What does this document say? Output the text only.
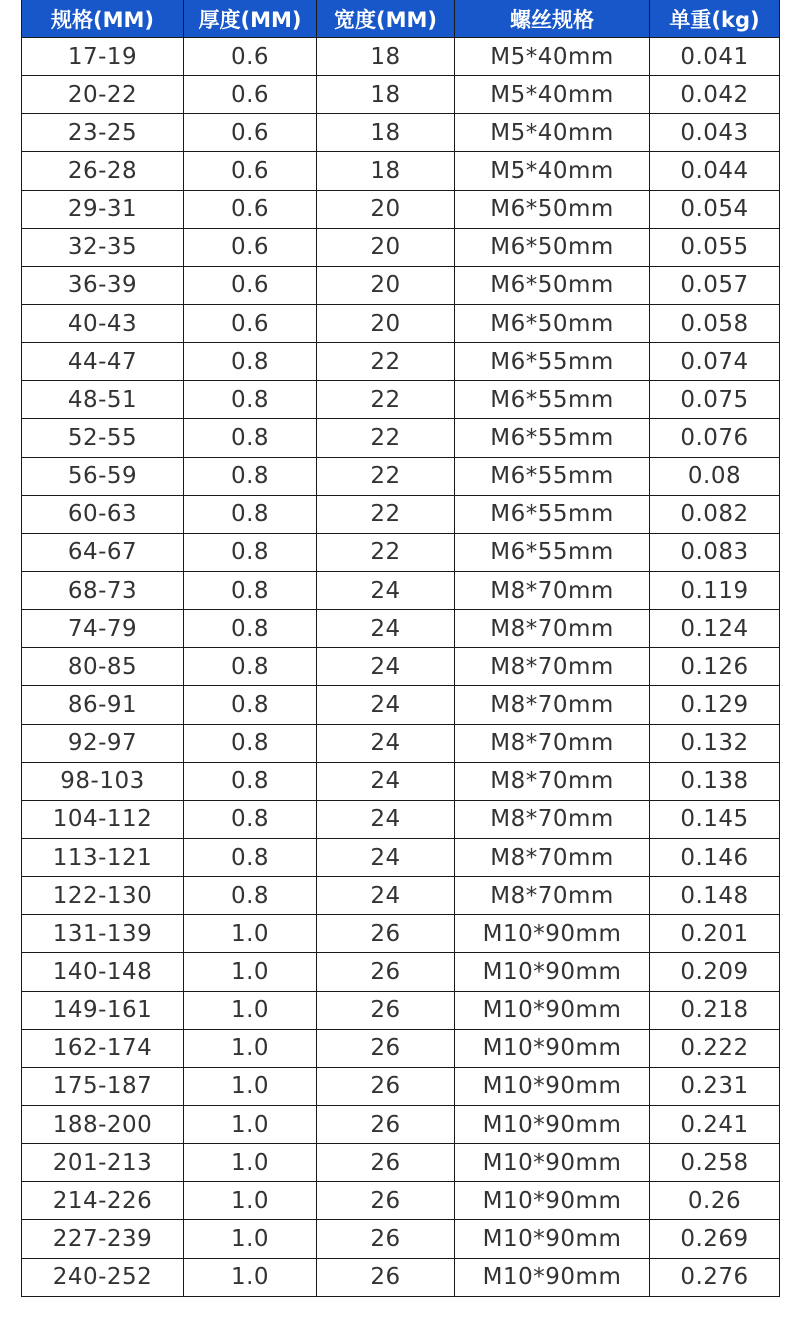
规格(MM)	厚度(MM)	宽度(MM)	螺丝规格	单重(kg)
17-19	0.6	18	M5*40mm	0.041
20-22	0.6	18	M5*40mm	0.042
23-25	0.6	18	M5*40mm	0.043
26-28	0.6	18	M5*40mm	0.044
29-31	0.6	20	M6*50mm	0.054
32-35	0.6	20	M6*50mm	0.055
36-39	0.6	20	M6*50mm	0.057
40-43	0.6	20	M6*50mm	0.058
44-47	0.8	22	M6*55mm	0.074
48-51	0.8	22	M6*55mm	0.075
52-55	0.8	22	M6*55mm	0.076
56-59	0.8	22	M6*55mm	0.08
60-63	0.8	22	M6*55mm	0.082
64-67	0.8	22	M6*55mm	0.083
68-73	0.8	24	M8*70mm	0.119
74-79	0.8	24	M8*70mm	0.124
80-85	0.8	24	M8*70mm	0.126
86-91	0.8	24	M8*70mm	0.129
92-97	0.8	24	M8*70mm	0.132
98-103	0.8	24	M8*70mm	0.138
104-112	0.8	24	M8*70mm	0.145
113-121	0.8	24	M8*70mm	0.146
122-130	0.8	24	M8*70mm	0.148
131-139	1.0	26	M10*90mm	0.201
140-148	1.0	26	M10*90mm	0.209
149-161	1.0	26	M10*90mm	0.218
162-174	1.0	26	M10*90mm	0.222
175-187	1.0	26	M10*90mm	0.231
188-200	1.0	26	M10*90mm	0.241
201-213	1.0	26	M10*90mm	0.258
214-226	1.0	26	M10*90mm	0.26
227-239	1.0	26	M10*90mm	0.269
240-252	1.0	26	M10*90mm	0.276
